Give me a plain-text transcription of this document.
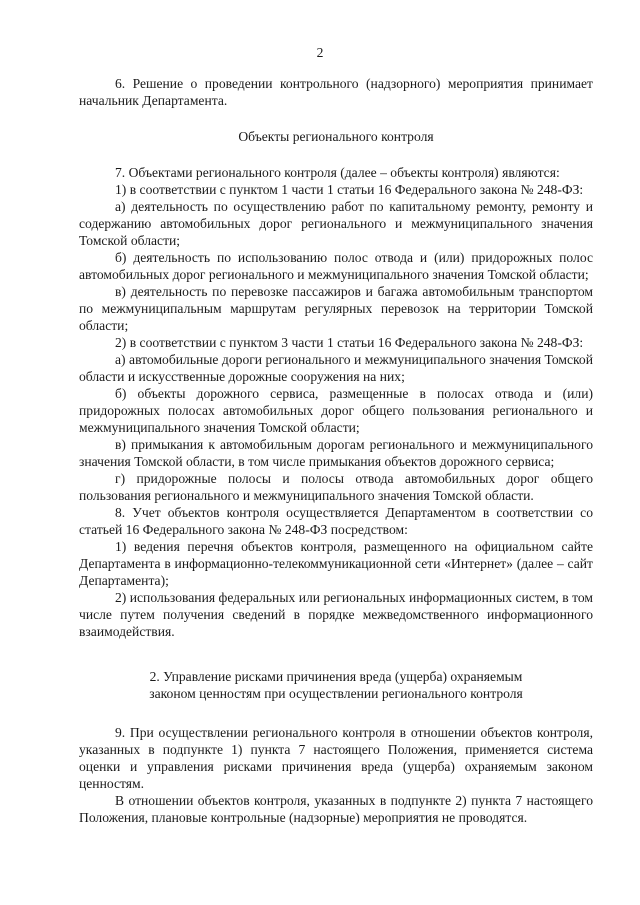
2

6. Решение о проведении контрольного (надзорного) мероприятия принимает начальник Департамента.

Объекты регионального контроля

7. Объектами регионального контроля (далее – объекты контроля) являются:

1) в соответствии с пунктом 1 части 1 статьи 16 Федерального закона № 248-ФЗ:

а) деятельность по осуществлению работ по капитальному ремонту, ремонту и содержанию автомобильных дорог регионального и межмуниципального значения Томской области;

б) деятельность по использованию полос отвода и (или) придорожных полос автомобильных дорог регионального и межмуниципального значения Томской области;

в) деятельность по перевозке пассажиров и багажа автомобильным транспортом по межмуниципальным маршрутам регулярных перевозок на территории Томской области;

2) в соответствии с пунктом 3 части 1 статьи 16 Федерального закона № 248-ФЗ:

а) автомобильные дороги регионального и межмуниципального значения Томской области и искусственные дорожные сооружения на них;

б) объекты дорожного сервиса, размещенные в полосах отвода и (или) придорожных полосах автомобильных дорог общего пользования регионального и межмуниципального значения Томской области;

в) примыкания к автомобильным дорогам регионального и межмуниципального значения Томской области, в том числе примыкания объектов дорожного сервиса;

г) придорожные полосы и полосы отвода автомобильных дорог общего пользования регионального и межмуниципального значения Томской области.

8. Учет объектов контроля осуществляется Департаментом в соответствии со статьей 16 Федерального закона № 248-ФЗ посредством:

1) ведения перечня объектов контроля, размещенного на официальном сайте Департамента в информационно-телекоммуникационной сети «Интернет» (далее – сайт Департамента);

2) использования федеральных или региональных информационных систем, в том числе путем получения сведений в порядке межведомственного информационного взаимодействия.

2. Управление рисками причинения вреда (ущерба) охраняемым

законом ценностям при осуществлении регионального контроля

9. При осуществлении регионального контроля в отношении объектов контроля, указанных в подпункте 1) пункта 7 настоящего Положения, применяется система оценки и управления рисками причинения вреда (ущерба) охраняемым законом ценностям.

В отношении объектов контроля, указанных в подпункте 2) пункта 7 настоящего Положения, плановые контрольные (надзорные) мероприятия не проводятся.
